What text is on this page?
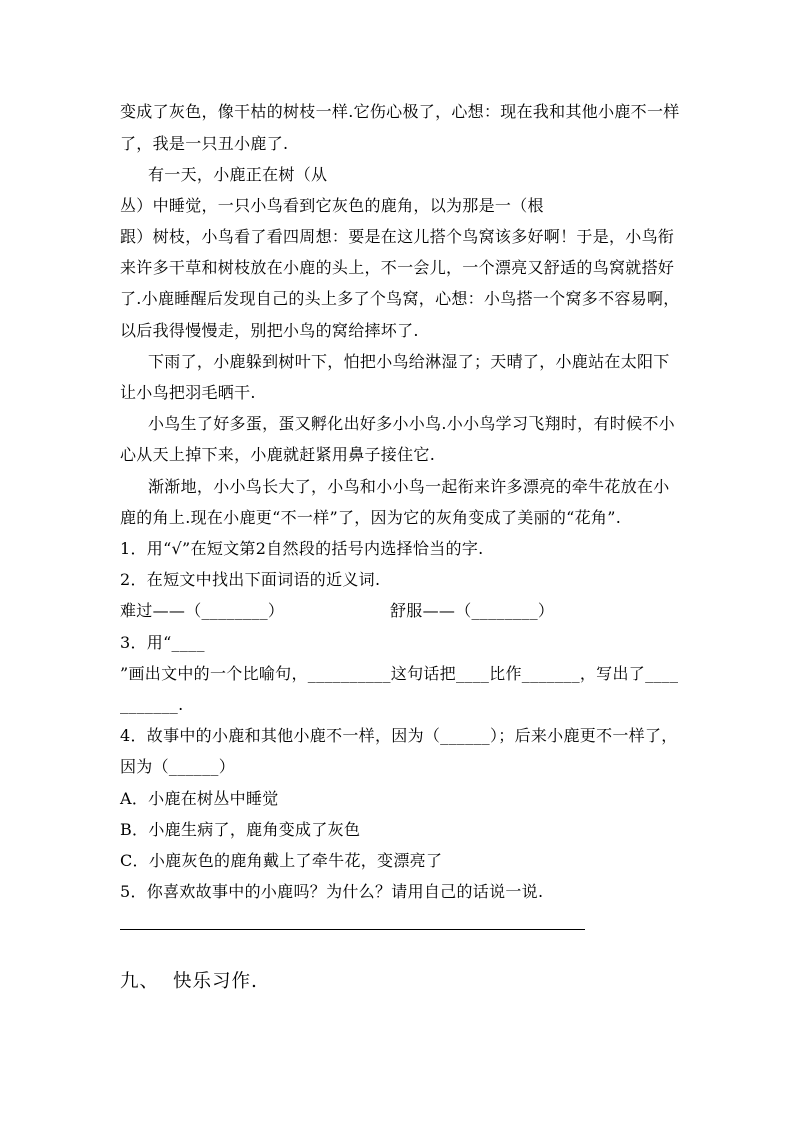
变成了灰色，像干枯的树枝一样.它伤心极了，心想：现在我和其他小鹿不一样
了，我是一只丑小鹿了.
有一天，小鹿正在树（从
丛）中睡觉，一只小鸟看到它灰色的鹿角，以为那是一（根
跟）树枝，小鸟看了看四周想：要是在这儿搭个鸟窝该多好啊！于是，小鸟衔
来许多干草和树枝放在小鹿的头上，不一会儿，一个漂亮又舒适的鸟窝就搭好
了.小鹿睡醒后发现自己的头上多了个鸟窝，心想：小鸟搭一个窝多不容易啊，
以后我得慢慢走，别把小鸟的窝给摔坏了.
下雨了，小鹿躲到树叶下，怕把小鸟给淋湿了；天晴了，小鹿站在太阳下
让小鸟把羽毛晒干.
小鸟生了好多蛋，蛋又孵化出好多小小鸟.小小鸟学习飞翔时，有时候不小
心从天上掉下来，小鹿就赶紧用鼻子接住它.
渐渐地，小小鸟长大了，小鸟和小小鸟一起衔来许多漂亮的牵牛花放在小
鹿的角上.现在小鹿更“不一样”了，因为它的灰角变成了美丽的“花角”.
1．用“√”在短文第2自然段的括号内选择恰当的字.
2．在短文中找出下面词语的近义词.
难过——（________）	舒服——（________）
3．用“____
”画出文中的一个比喻句，__________这句话把____比作_______，写出了____
_______.
4．故事中的小鹿和其他小鹿不一样，因为（______）；后来小鹿更不一样了，
因为（______）
A．小鹿在树丛中睡觉
B．小鹿生病了，鹿角变成了灰色
C．小鹿灰色的鹿角戴上了牵牛花，变漂亮了
5．你喜欢故事中的小鹿吗？为什么？请用自己的话说一说.
九、 快乐习作.
